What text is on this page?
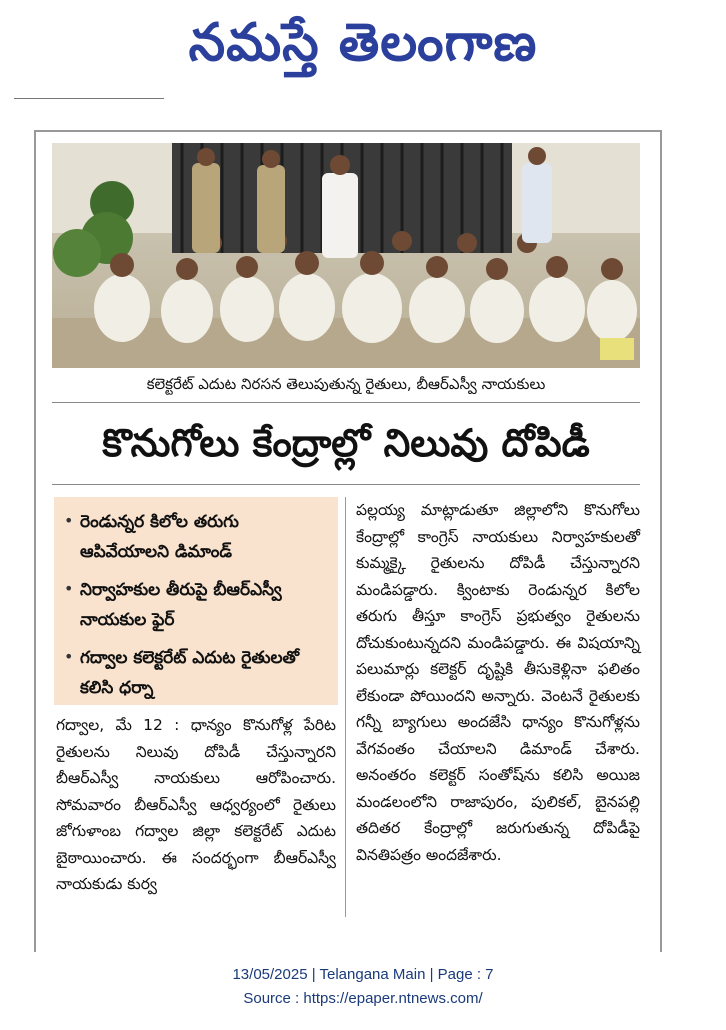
నమస్తే తెలంగాణ
కలెక్టరేట్ ఎదుట నిరసన తెలుపుతున్న రైతులు, బీఆర్ఎస్వీ నాయకులు
కొనుగోలు కేంద్రాల్లో నిలువు దోపిడీ
• రెండున్నర కిలోల తరుగు ఆపివేయాలని డిమాండ్
• నిర్వాహకుల తీరుపై బీఆర్ఎస్వీ నాయకుల ఫైర్
• గద్వాల కలెక్టరేట్ ఎదుట రైతులతో కలిసి ధర్నా

గద్వాల, మే 12 : ధాన్యం కొనుగోళ్ల పేరిట రైతులను నిలువు దోపిడీ చేస్తున్నారని బీఆర్ఎస్వీ నాయకులు ఆరోపించారు. సోమవారం బీఆర్ఎస్వీ ఆధ్వర్యంలో రైతులు జోగుళాంబ గద్వాల జిల్లా కలెక్టరేట్ ఎదుట బైఠాయించారు. ఈ సందర్భంగా బీఆర్ఎస్వీ నాయకుడు కుర్వ

పల్లయ్య మాట్లాడుతూ జిల్లాలోని కొనుగోలు కేంద్రాల్లో కాంగ్రెస్ నాయకులు నిర్వాహకులతో కుమ్మక్కై రైతులను దోపిడీ చేస్తున్నారని మండిపడ్డారు. క్వింటాకు రెండున్నర కిలోల తరుగు తీస్తూ కాంగ్రెస్ ప్రభుత్వం రైతులను దోచుకుంటున్నదని మండిపడ్డారు. ఈ విషయాన్ని పలుమార్లు కలెక్టర్ దృష్టికి తీసుకెళ్లినా ఫలితం లేకుండా పోయిందని అన్నారు. వెంటనే రైతులకు గన్నీ బ్యాగులు అందజేసి ధాన్యం కొనుగోళ్లను వేగవంతం చేయాలని డిమాండ్ చేశారు. అనంతరం కలెక్టర్ సంతోష్‌ను కలిసి అయిజ మండలంలోని రాజాపురం, పులికల్, బైనపల్లి తదితర కేంద్రాల్లో జరుగుతున్న దోపిడీపై వినతిపత్రం అందజేశారు.

13/05/2025 | Telangana Main | Page : 7
Source : https://epaper.ntnews.com/
